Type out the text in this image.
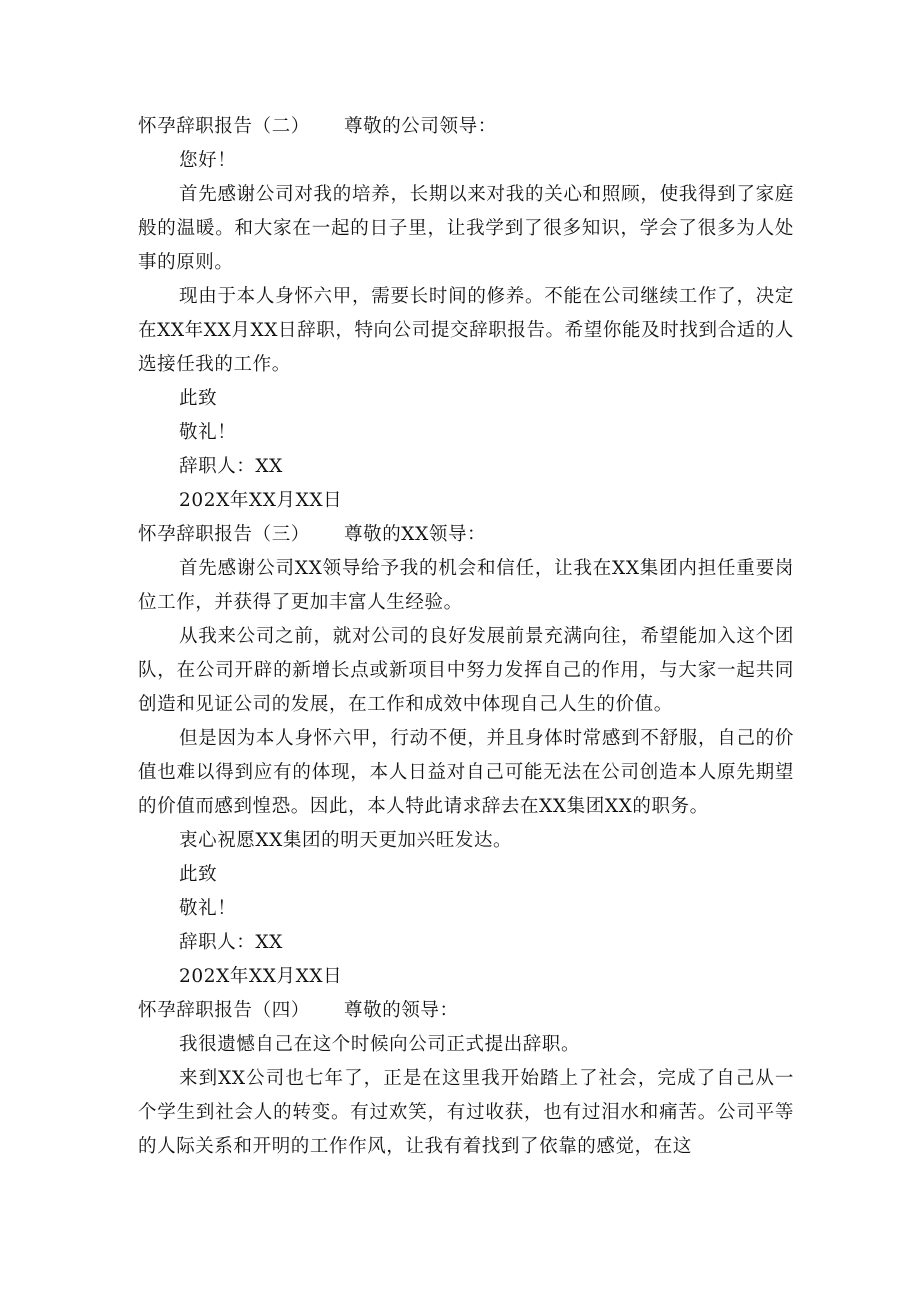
怀孕辞职报告（二） 尊敬的公司领导：
您好！
首先感谢公司对我的培养，长期以来对我的关心和照顾，使我得到了家庭般的温暖。和大家在一起的日子里，让我学到了很多知识，学会了很多为人处事的原则。
现由于本人身怀六甲，需要长时间的修养。不能在公司继续工作了，决定在XX年XX月XX日辞职，特向公司提交辞职报告。希望你能及时找到合适的人选接任我的工作。
此致
敬礼！
辞职人：XX
202X年XX月XX日
怀孕辞职报告（三） 尊敬的XX领导：
首先感谢公司XX领导给予我的机会和信任，让我在XX集团内担任重要岗位工作，并获得了更加丰富人生经验。
从我来公司之前，就对公司的良好发展前景充满向往，希望能加入这个团队，在公司开辟的新增长点或新项目中努力发挥自己的作用，与大家一起共同创造和见证公司的发展，在工作和成效中体现自己人生的价值。
但是因为本人身怀六甲，行动不便，并且身体时常感到不舒服，自己的价值也难以得到应有的体现，本人日益对自己可能无法在公司创造本人原先期望的价值而感到惶恐。因此，本人特此请求辞去在XX集团XX的职务。
衷心祝愿XX集团的明天更加兴旺发达。
此致
敬礼！
辞职人：XX
202X年XX月XX日
怀孕辞职报告（四） 尊敬的领导：
我很遗憾自己在这个时候向公司正式提出辞职。
来到XX公司也七年了，正是在这里我开始踏上了社会，完成了自己从一个学生到社会人的转变。有过欢笑，有过收获，也有过泪水和痛苦。公司平等的人际关系和开明的工作作风，让我有着找到了依靠的感觉，在这
